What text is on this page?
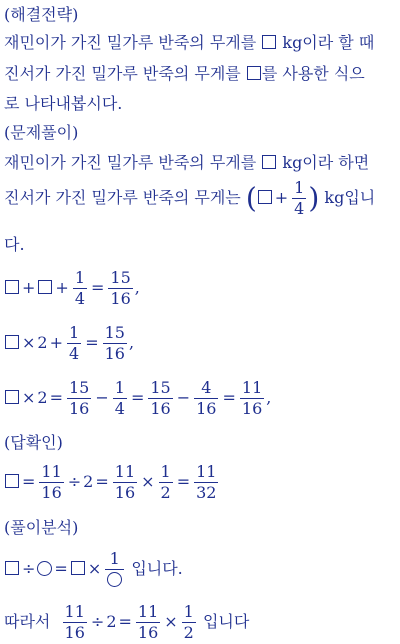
(해결전략)
재민이가 가진 밀가루 반죽의 무게를  kg이라 할 때
진서가 가진 밀가루 반죽의 무게를 를 사용한 식으
로 나타내봅시다.
(문제풀이)
재민이가 가진 밀가루 반죽의 무게를  kg이라 하면
진서가 가진 밀가루 반죽의 무게는 ( + $\frac{1}{4}$ ) kg입니
다.
+ + $\frac{1}{4} = \frac{15}{16}$ ,
× $2 + \frac{1}{4} = \frac{15}{16}$ ,
× $2 = \frac{15}{16} - \frac{1}{4} = \frac{15}{16} - \frac{4}{16} = \frac{11}{16}$ ,
(답확인)
= $\frac{11}{16} \div 2 = \frac{11}{16} \times \frac{1}{2} = \frac{11}{32}$
(풀이분석)
÷ = ×
1
입니다.
따라서 $\frac{11}{16} \div 2 = \frac{11}{16} \times \frac{1}{2}$ 입니다
